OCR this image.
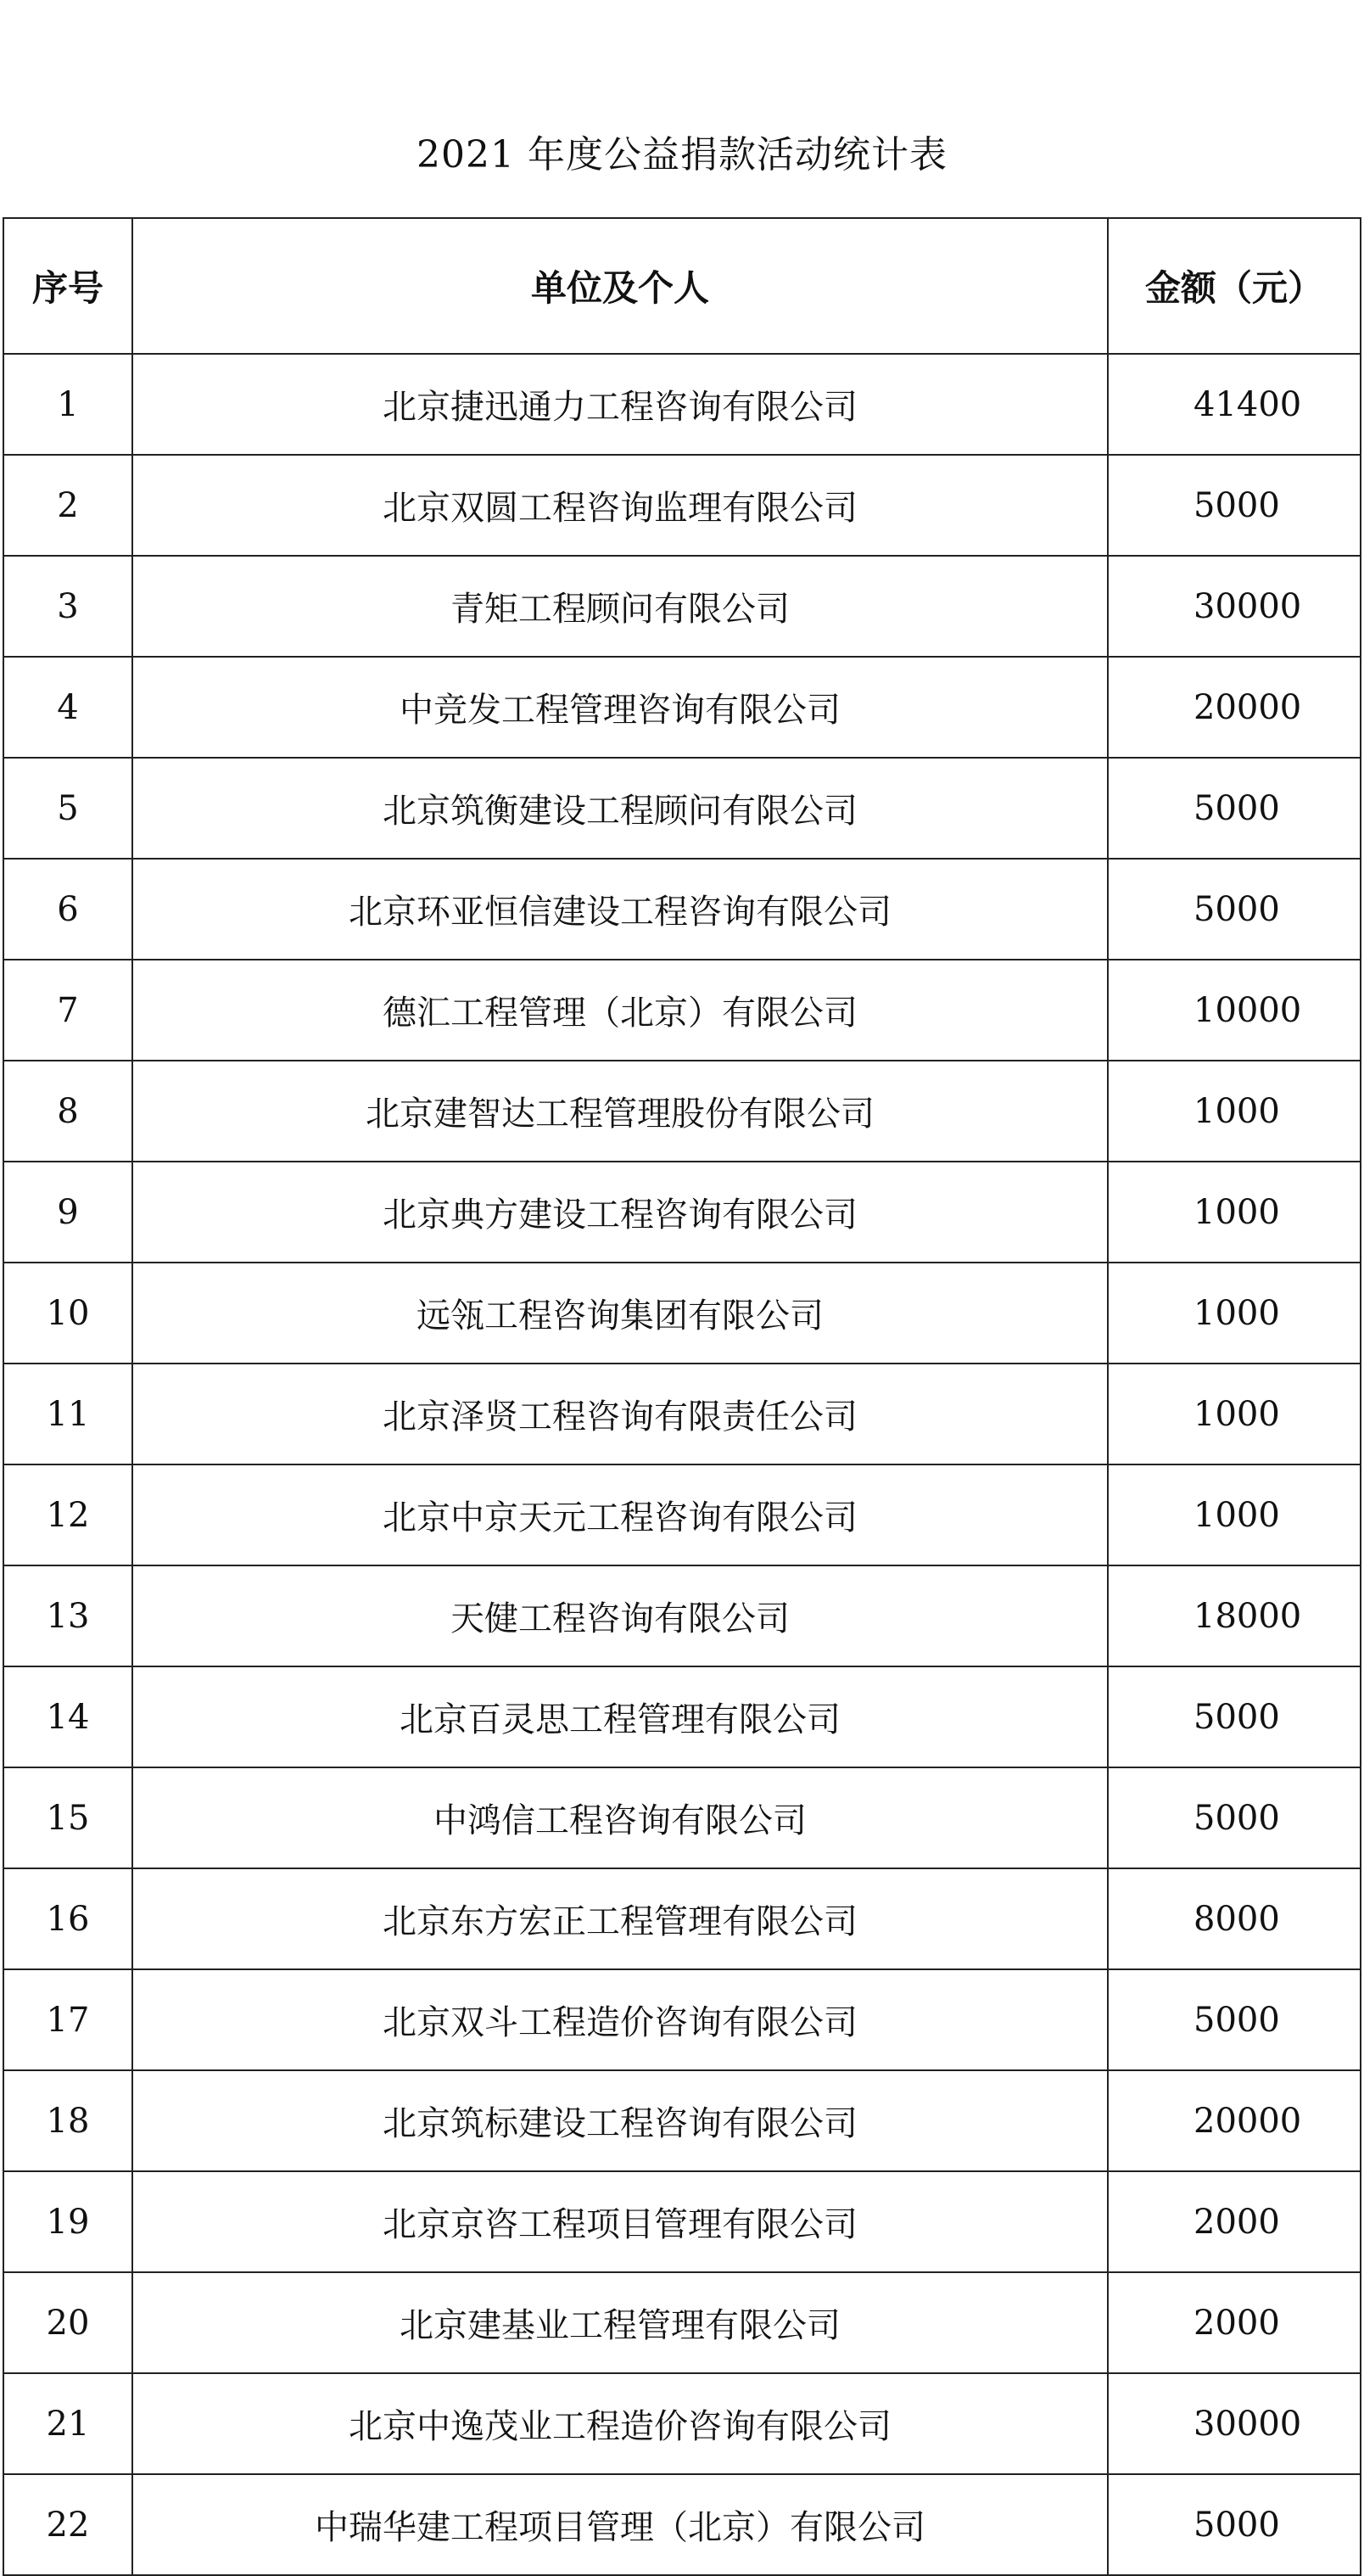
2021 年度公益捐款活动统计表
序号	单位及个人	金额（元）
1	北京捷迅通力工程咨询有限公司	41400
2	北京双圆工程咨询监理有限公司	5000
3	青矩工程顾问有限公司	30000
4	中竞发工程管理咨询有限公司	20000
5	北京筑衡建设工程顾问有限公司	5000
6	北京环亚恒信建设工程咨询有限公司	5000
7	德汇工程管理（北京）有限公司	10000
8	北京建智达工程管理股份有限公司	1000
9	北京典方建设工程咨询有限公司	1000
10	远瓴工程咨询集团有限公司	1000
11	北京泽贤工程咨询有限责任公司	1000
12	北京中京天元工程咨询有限公司	1000
13	天健工程咨询有限公司	18000
14	北京百灵思工程管理有限公司	5000
15	中鸿信工程咨询有限公司	5000
16	北京东方宏正工程管理有限公司	8000
17	北京双斗工程造价咨询有限公司	5000
18	北京筑标建设工程咨询有限公司	20000
19	北京京咨工程项目管理有限公司	2000
20	北京建基业工程管理有限公司	2000
21	北京中逸茂业工程造价咨询有限公司	30000
22	中瑞华建工程项目管理（北京）有限公司	5000
